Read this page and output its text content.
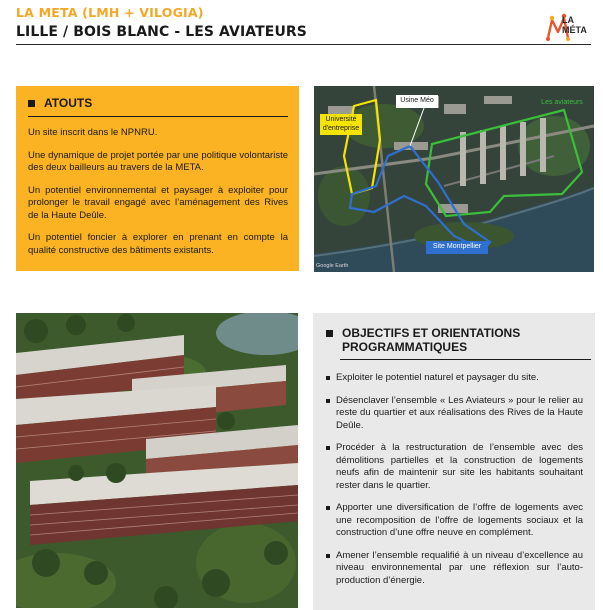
LA META (LMH + VILOGIA)
LILLE / BOIS BLANC - LES AVIATEURS
LA
MÉTA
ATOUTS

Un site inscrit dans le NPNRU.

Une dynamique de projet portée par une politique volontariste des deux bailleurs au travers de la META.

Un potentiel environnemental et paysager à exploiter pour prolonger le travail engagé avec l’aménagement des Rives de la Haute Deûle.

Un potentiel foncier à explorer en prenant en compte la qualité constructive des bâtiments existants.

Usine Méo	Les aviateurs
Université d'entreprise
Site Montpellier
Google Earth
OBJECTIFS ET ORIENTATIONS PROGRAMMATIQUES
Exploiter le potentiel naturel et paysager du site.
Désenclaver l’ensemble « Les Aviateurs » pour le relier au reste du quartier et aux réalisations des Rives de la Haute Deûle.
Procéder à la restructuration de l’ensemble avec des démolitions partielles et la construction de logements neufs afin de maintenir sur site les habitants souhaitant rester dans le quartier.
Apporter une diversification de l’offre de logements avec une recomposition de l’offre de logements sociaux et la construction d’une offre neuve en complément.
Amener l’ensemble requalifié à un niveau d’excellence au niveau environnemental par une réflexion sur l’auto-production d’énergie.
